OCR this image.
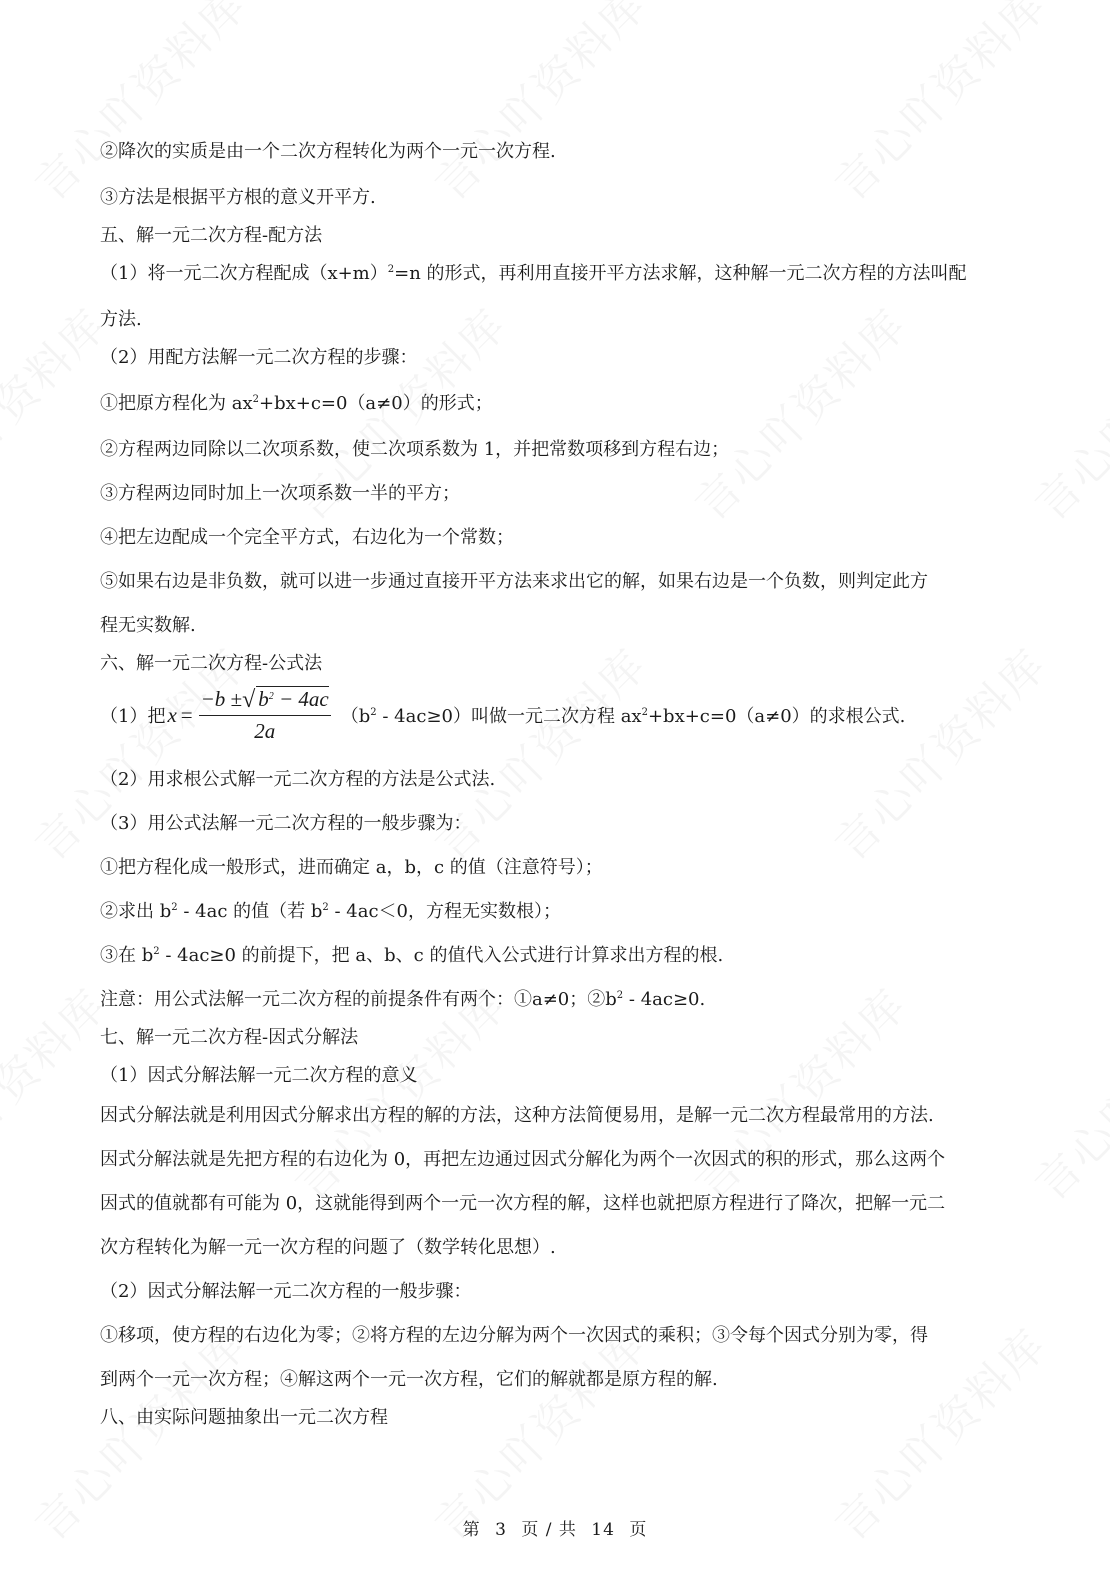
②降次的实质是由一个二次方程转化为两个一元一次方程.
③方法是根据平方根的意义开平方.
五、解一元二次方程-配方法
（1）将一元二次方程配成$(x+m)^2=n$ 的形式，再利用直接开平方法求解，这种解一元二次方程的方法叫配
方法.
（2）用配方法解一元二次方程的步骤：
①把原方程化为 $ax^2+bx+c=0(a\ne 0)$的形式；
②方程两边同除以二次项系数，使二次项系数为 1，并把常数项移到方程右边；
③方程两边同时加上一次项系数一半的平方；
④把左边配成一个完全平方式，右边化为一个常数；
⑤如果右边是非负数，就可以进一步通过直接开平方法来求出它的解，如果右边是一个负数，则判定此方
程无实数解.
六、解一元二次方程-公式法
（2）用求根公式解一元二次方程的方法是公式法.
（3）用公式法解一元二次方程的一般步骤为：
①把方程化成一般形式，进而确定 a，b，c 的值（注意符号）；
②求出 $b^2 - 4ac$ 的值（若 $b^2 - 4ac<0$，方程无实数根）；
③在 $b^2 - 4ac\ge 0$ 的前提下，把 a、b、c 的值代入公式进行计算求出方程的根.
注意：用公式法解一元二次方程的前提条件有两个：①a≠0；$②b^2 - 4ac\ge 0$.
七、解一元二次方程-因式分解法
（1）因式分解法解一元二次方程的意义
因式分解法就是利用因式分解求出方程的解的方法，这种方法简便易用，是解一元二次方程最常用的方法.
因式分解法就是先把方程的右边化为 0，再把左边通过因式分解化为两个一次因式的积的形式，那么这两个
因式的值就都有可能为 0，这就能得到两个一元一次方程的解，这样也就把原方程进行了降次，把解一元二
次方程转化为解一元一次方程的问题了（数学转化思想）.
（2）因式分解法解一元二次方程的一般步骤：
①移项，使方程的右边化为零；②将方程的左边分解为两个一次因式的乘积；③令每个因式分别为零，得
到两个一元一次方程；④解这两个一元一次方程，它们的解就都是原方程的解.
八、由实际问题抽象出一元二次方程
（1）把 $x = \frac{-b \pm √ b^2 - 4ac}{2a} (b^2 - 4ac\ge 0)$叫做一元二次方程 $ax^2+bx+c=0(a\ne 0)$的求根公式.
第 3 页 / 共 14 页
